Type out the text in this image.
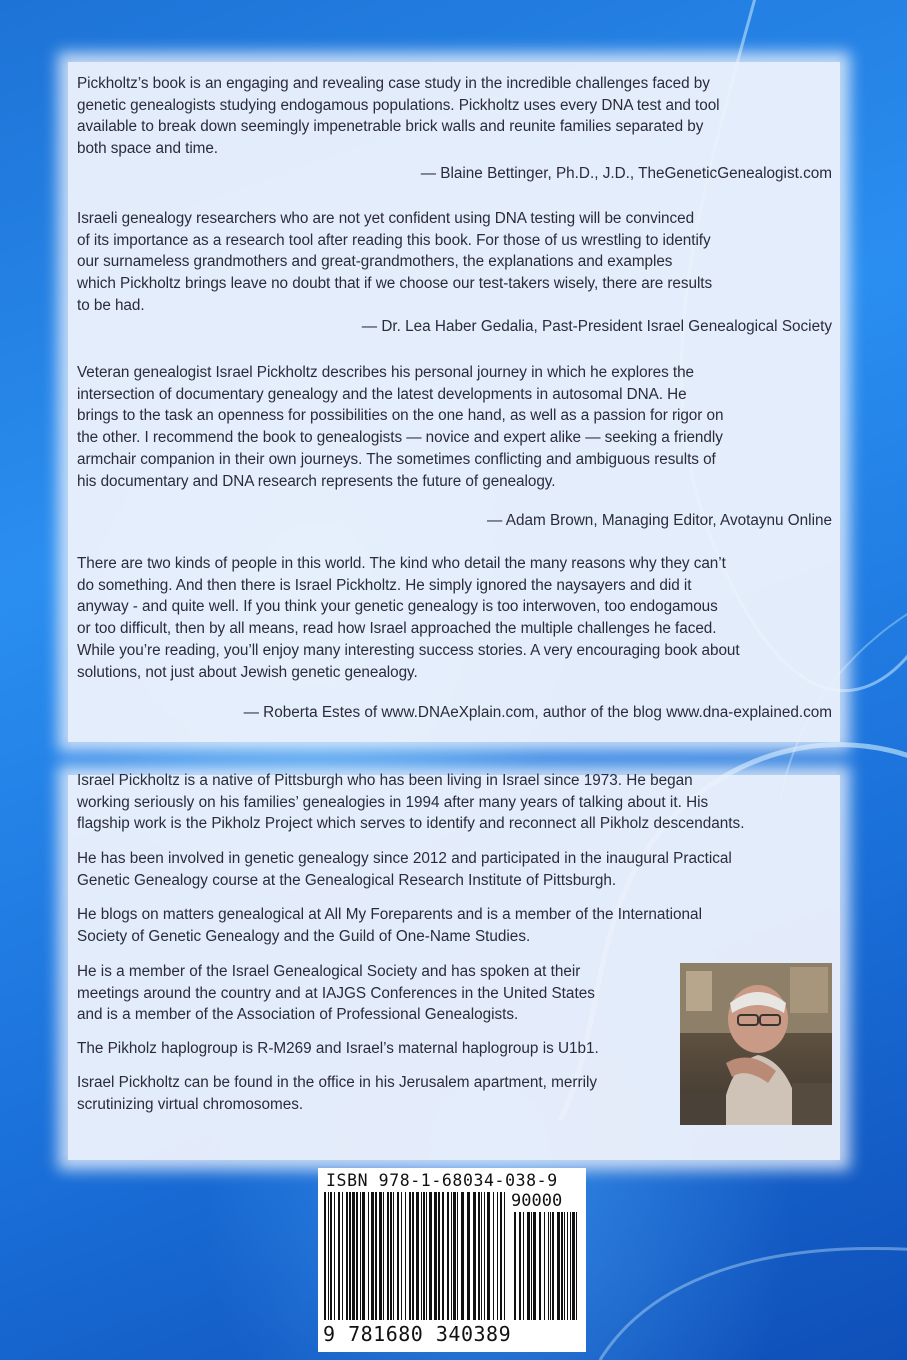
Pickholtz’s book is an engaging and revealing case study in the incredible challenges faced by
genetic genealogists studying endogamous populations. Pickholtz uses every DNA test and tool
available to break down seemingly impenetrable brick walls and reunite families separated by
both space and time.

— Blaine Bettinger, Ph.D., J.D., TheGeneticGenealogist.com

Israeli genealogy researchers who are not yet confident using DNA testing will be convinced
of its importance as a research tool after reading this book. For those of us wrestling to identify
our surnameless grandmothers and great-grandmothers, the explanations and examples
which Pickholtz brings leave no doubt that if we choose our test-takers wisely, there are results
to be had.

— Dr. Lea Haber Gedalia, Past-President Israel Genealogical Society

Veteran genealogist Israel Pickholtz describes his personal journey in which he explores the
intersection of documentary genealogy and the latest developments in autosomal DNA. He
brings to the task an openness for possibilities on the one hand, as well as a passion for rigor on
the other. I recommend the book to genealogists — novice and expert alike — seeking a friendly
armchair companion in their own journeys. The sometimes conflicting and ambiguous results of
his documentary and DNA research represents the future of genealogy.

— Adam Brown, Managing Editor, Avotaynu Online

There are two kinds of people in this world. The kind who detail the many reasons why they can’t
do something. And then there is Israel Pickholtz. He simply ignored the naysayers and did it
anyway - and quite well. If you think your genetic genealogy is too interwoven, too endogamous
or too difficult, then by all means, read how Israel approached the multiple challenges he faced.
While you’re reading, you’ll enjoy many interesting success stories. A very encouraging book about
solutions, not just about Jewish genetic genealogy.

— Roberta Estes of www.DNAeXplain.com, author of the blog www.dna-explained.com

Israel Pickholtz is a native of Pittsburgh who has been living in Israel since 1973. He began
working seriously on his families’ genealogies in 1994 after many years of talking about it. His
flagship work is the Pikholz Project which serves to identify and reconnect all Pikholz descendants.

He has been involved in genetic genealogy since 2012 and participated in the inaugural Practical
Genetic Genealogy course at the Genealogical Research Institute of Pittsburgh.

He blogs on matters genealogical at All My Foreparents and is a member of the International
Society of Genetic Genealogy and the Guild of One-Name Studies.

He is a member of the Israel Genealogical Society and has spoken at their
meetings around the country and at IAJGS Conferences in the United States
and is a member of the Association of Professional Genealogists.

The Pikholz haplogroup is R-M269 and Israel’s maternal haplogroup is U1b1.

Israel Pickholtz can be found in the office in his Jerusalem apartment, merrily
scrutinizing virtual chromosomes.

ISBN 978-1-68034-038-9
90000
9 781680 340389
